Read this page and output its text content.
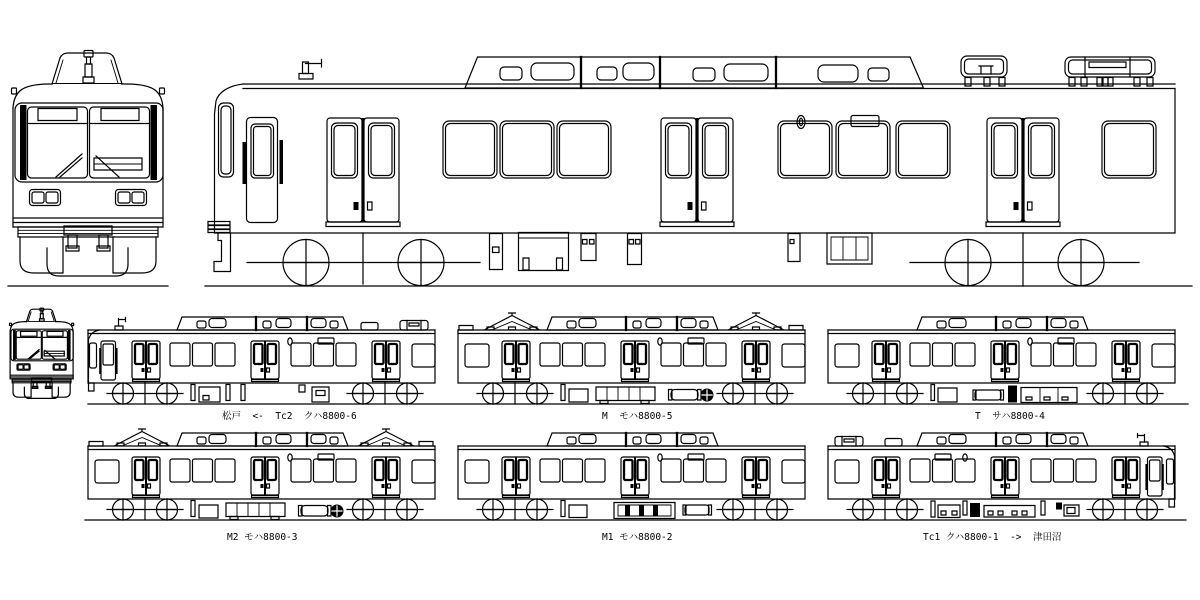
松戸  <-  Tc2  クハ8800-6	M  モハ8800-5	T  サハ8800-4
M2 モハ8800-3	M1 モハ8800-2	Tc1 クハ8800-1  ->  津田沼
